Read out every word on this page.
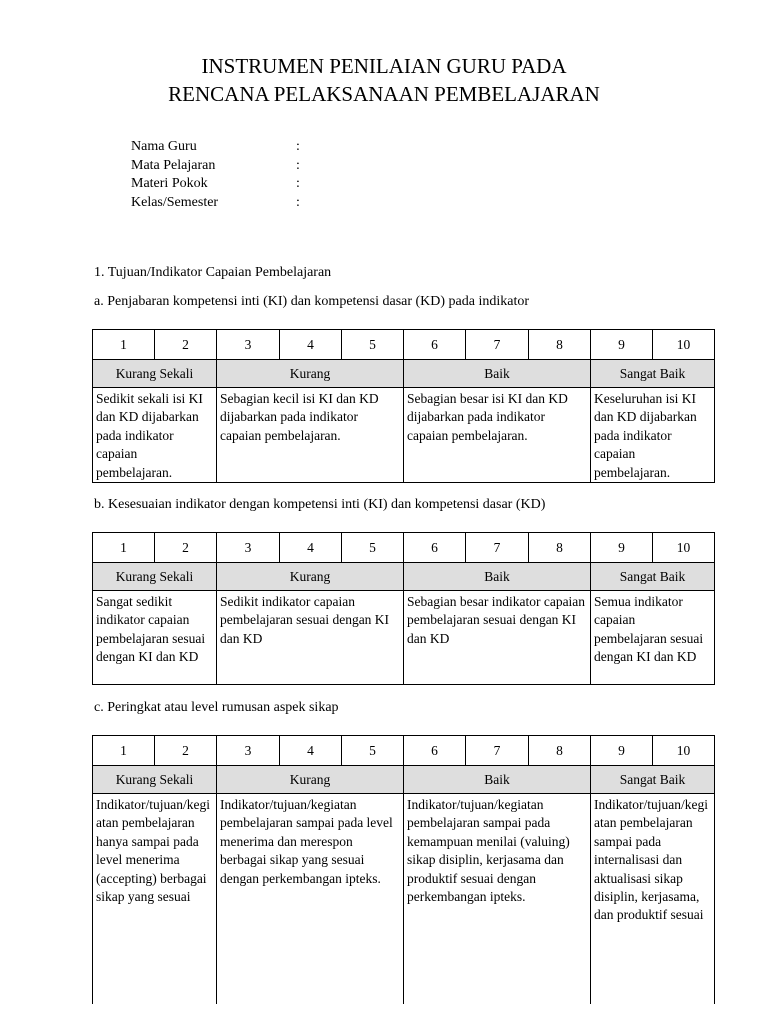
INSTRUMEN PENILAIAN GURU PADA
RENCANA PELAKSANAAN PEMBELAJARAN
Nama Guru	:
Mata Pelajaran	:
Materi Pokok	:
Kelas/Semester	:
1. Tujuan/Indikator Capaian Pembelajaran
a. Penjabaran kompetensi inti (KI) dan kompetensi dasar (KD) pada indikator
1	2	3	4	5	6	7	8	9	10
Kurang Sekali		Kurang			Baik			Sangat Baik	
Sedikit sekali isi KI dan KD dijabarkan pada indikator capaian pembelajaran.		Sebagian kecil isi KI dan KD dijabarkan pada indikator capaian pembelajaran.			Sebagian besar isi KI dan KD dijabarkan pada indikator capaian pembelajaran.			Keseluruhan isi KI dan KD dijabarkan pada indikator capaian pembelajaran.	
b. Kesesuaian indikator dengan kompetensi inti (KI) dan kompetensi dasar (KD)
1	2	3	4	5	6	7	8	9	10
Kurang Sekali		Kurang			Baik			Sangat Baik	
Sangat sedikit indikator capaian pembelajaran sesuai dengan KI dan KD		Sedikit indikator capaian pembelajaran sesuai dengan KI dan KD			Sebagian besar indikator capaian pembelajaran sesuai dengan KI dan KD			Semua indikator capaian pembelajaran sesuai dengan KI dan KD	
c. Peringkat atau level rumusan aspek sikap
1	2	3	4	5	6	7	8	9	10
Kurang Sekali		Kurang			Baik			Sangat Baik	
Indikator/tujuan/kegiatan pembelajaran hanya sampai pada level menerima (accepting) berbagai sikap yang sesuai		Indikator/tujuan/kegiatan pembelajaran sampai pada level menerima dan merespon berbagai sikap yang sesuai dengan perkembangan ipteks.			Indikator/tujuan/kegiatan pembelajaran sampai pada kemampuan menilai (valuing) sikap disiplin, kerjasama dan produktif sesuai dengan perkembangan ipteks.			Indikator/tujuan/kegiatan pembelajaran sampai pada internalisasi dan aktualisasi sikap disiplin, kerjasama, dan produktif sesuai	
